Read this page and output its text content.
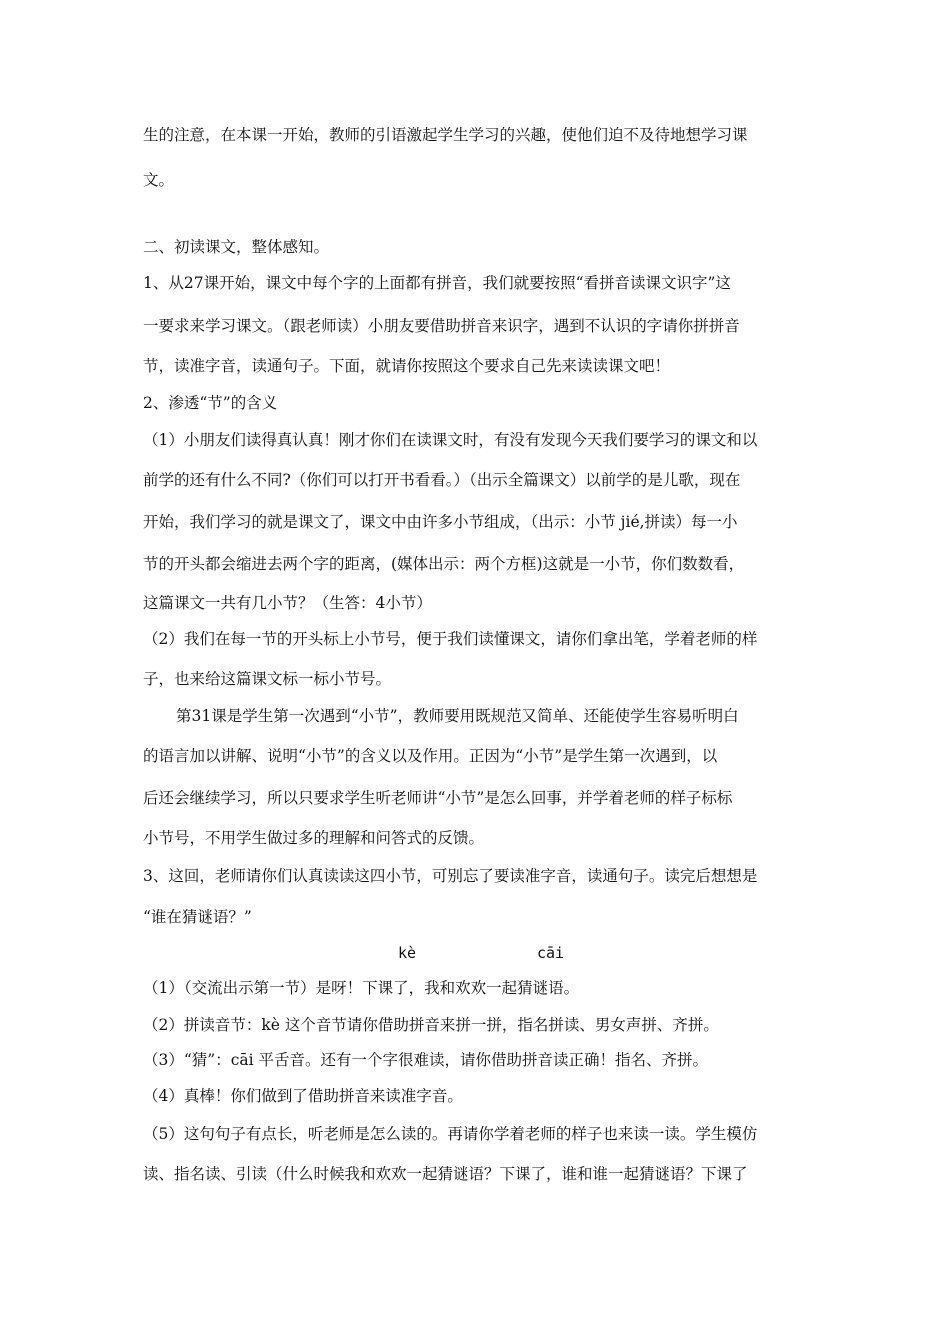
生的注意，在本课一开始，教师的引语激起学生学习的兴趣，使他们迫不及待地想学习课
文。
二、初读课文，整体感知。
1、从27课开始，课文中每个字的上面都有拼音，我们就要按照“看拼音读课文识字”这
一要求来学习课文。（跟老师读）小朋友要借助拼音来识字，遇到不认识的字请你拼拼音
节，读准字音，读通句子。下面，就请你按照这个要求自己先来读读课文吧！
2、渗透“节”的含义
（1）小朋友们读得真认真！刚才你们在读课文时，有没有发现今天我们要学习的课文和以
前学的还有什么不同?（你们可以打开书看看。）（出示全篇课文）以前学的是儿歌，现在
开始，我们学习的就是课文了，课文中由许多小节组成，（出示：小节 jié,拼读）每一小
节的开头都会缩进去两个字的距离，(媒体出示：两个方框)这就是一小节，你们数数看，
这篇课文一共有几小节？（生答：4小节）
（2）我们在每一节的开头标上小节号，便于我们读懂课文，请你们拿出笔，学着老师的样
子，也来给这篇课文标一标小节号。
第31课是学生第一次遇到“小节”，教师要用既规范又简单、还能使学生容易听明白
的语言加以讲解、说明“小节”的含义以及作用。正因为“小节”是学生第一次遇到，以
后还会继续学习，所以只要求学生听老师讲“小节”是怎么回事，并学着老师的样子标标
小节号，不用学生做过多的理解和问答式的反馈。
3、这回，老师请你们认真读读这四小节，可别忘了要读准字音，读通句子。读完后想想是
“谁在猜谜语？”
kè	cāi
（1）（交流出示第一节）是呀！下课了，我和欢欢一起猜谜语。
（2）拼读音节：kè 这个音节请你借助拼音来拼一拼，指名拼读、男女声拼、齐拼。
（3）“猜”：cāi 平舌音。还有一个字很难读，请你借助拼音读正确！指名、齐拼。
（4）真棒！你们做到了借助拼音来读准字音。
（5）这句句子有点长，听老师是怎么读的。再请你学着老师的样子也来读一读。学生模仿
读、指名读、引读（什么时候我和欢欢一起猜谜语？下课了，谁和谁一起猜谜语？下课了
